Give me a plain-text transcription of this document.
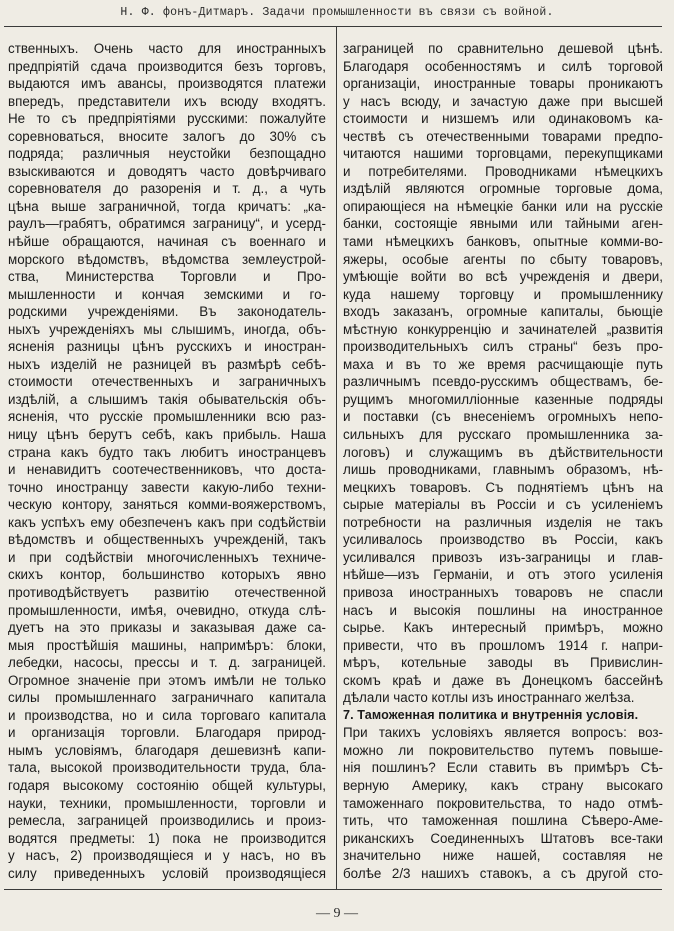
Н. Ф. фонъ-Дитмаръ. Задачи промышленности въ связи съ войной.
ственныхъ. Очень часто для иностранныхъ
предпріятій сдача производится безъ торговъ,
выдаются имъ авансы, производятся платежи
впередъ, представители ихъ всюду входятъ.
Не то съ предпріятіями русскими: пожалуйте
соревноваться, вносите залогъ до 30% съ
подряда; различныя неустойки безпощадно
взыскиваются и доводятъ часто довѣрчиваго
соревнователя до разоренія и т. д., а чуть
цѣна выше заграничной, тогда кричатъ: „ка-
раулъ—грабятъ, обратимся заграницу“, и усерд-
нѣйше обращаются, начиная съ военнаго и
морского вѣдомствъ, вѣдомства землеустрой-
ства, Министерства Торговли и Про-
мышленности и кончая земскими и го-
родскими учрежденіями. Въ законодатель-
ныхъ учрежденіяхъ мы слышимъ, иногда, объ-
ясненія разницы цѣнъ русскихъ и иностран-
ныхъ изделій не разницей въ размѣрѣ себѣ-
стоимости отечественныхъ и заграничныхъ
издѣлій, а слышимъ такія обывательскія объ-
ясненія, что русскіе промышленники всю раз-
ницу цѣнъ берутъ себѣ, какъ прибыль. Наша
страна какъ будто такъ любитъ иностранцевъ
и ненавидитъ соотечественниковъ, что доста-
точно иностранцу завести какую-либо техни-
ческую контору, заняться комми-вояжерствомъ,
какъ успѣхъ ему обезпеченъ какъ при содѣйствіи
вѣдомствъ и общественныхъ учрежденій, такъ
и при содѣйствіи многочисленныхъ техниче-
скихъ контор, большинство которыхъ явно
противодѣйствуетъ развитію отечественной
промышленности, имѣя, очевидно, откуда слѣ-
дуетъ на это приказы и заказывая даже са-
мыя простѣйшія машины, напримѣръ: блоки,
лебедки, насосы, прессы и т. д. заграницей.
Огромное значеніе при этомъ имѣли не только
силы промышленнаго заграничнаго капитала
и производства, но и сила торговаго капитала
и организація торговли. Благодаря природ-
нымъ условіямъ, благодаря дешевизнѣ капи-
тала, высокой производительности труда, бла-
годаря высокому состоянію общей культуры,
науки, техники, промышленности, торговли и
ремесла, заграницей производились и произ-
водятся предметы: 1) пока не производится
у насъ, 2) производящіеся и у насъ, но въ
силу приведенныхъ условій производящіеся
заграницей по сравнительно дешевой цѣнѣ.
Благодаря особенностямъ и силѣ торговой
организаціи, иностранные товары проникаютъ
у насъ всюду, и зачастую даже при высшей
стоимости и низшемъ или одинаковомъ ка-
чествѣ съ отечественными товарами предпо-
читаются нашими торговцами, перекупщиками
и потребителями. Проводниками нѣмецкихъ
издѣлій являются огромные торговые дома,
опирающіеся на нѣмецкіе банки или на русскіе
банки, состоящіе явными или тайными аген-
тами нѣмецкихъ банковъ, опытные комми-во-
яжеры, особые агенты по сбыту товаровъ,
умѣющіе войти во всѣ учрежденія и двери,
куда нашему торговцу и промышленнику
входъ заказанъ, огромные капиталы, бьющіе
мѣстную конкурренцію и зачинателей „развитія
производительныхъ силъ страны“ безъ про-
маха и въ то же время расчищающіе путь
различнымъ псевдо-русскимъ обществамъ, бе-
рущимъ многомилліонные казенные подряды
и поставки (съ внесеніемъ огромныхъ непо-
сильныхъ для русскаго промышленника за-
логовъ) и служащимъ въ дѣйствительности
лишь проводниками, главнымъ образомъ, нѣ-
мецкихъ товаровъ. Съ поднятіемъ цѣнъ на
сырые матеріалы въ Россіи и съ усиленіемъ
потребности на различныя изделія не такъ
усиливалось производство въ Россіи, какъ
усиливался привозъ изъ-заграницы и глав-
нѣйше—изъ Германіи, и отъ этого усиленія
привоза иностранныхъ товаровъ не спасли
насъ и высокія пошлины на иностранное
сырье. Какъ интересный примѣръ, можно
привести, что въ прошломъ 1914 г. напри-
мѣръ, котельные заводы въ Привислин-
скомъ краѣ и даже въ Донецкомъ бассейнѣ
дѣлали часто котлы изъ иностраннаго желѣза.
7. Таможенная политика и внутреннія условія.
При такихъ условіяхъ является вопросъ: воз-
можно ли покровительство путемъ повыше-
нія пошлинъ? Если ставить въ примѣръ Сѣ-
верную Америку, какъ страну высокаго
таможеннаго покровительства, то надо отмѣ-
тить, что таможенная пошлина Сѣверо-Аме-
риканскихъ Соединенныхъ Штатовъ все-таки
значительно ниже нашей, составляя не
болѣе 2/3 нашихъ ставокъ, а съ другой сто-
— 9 —
